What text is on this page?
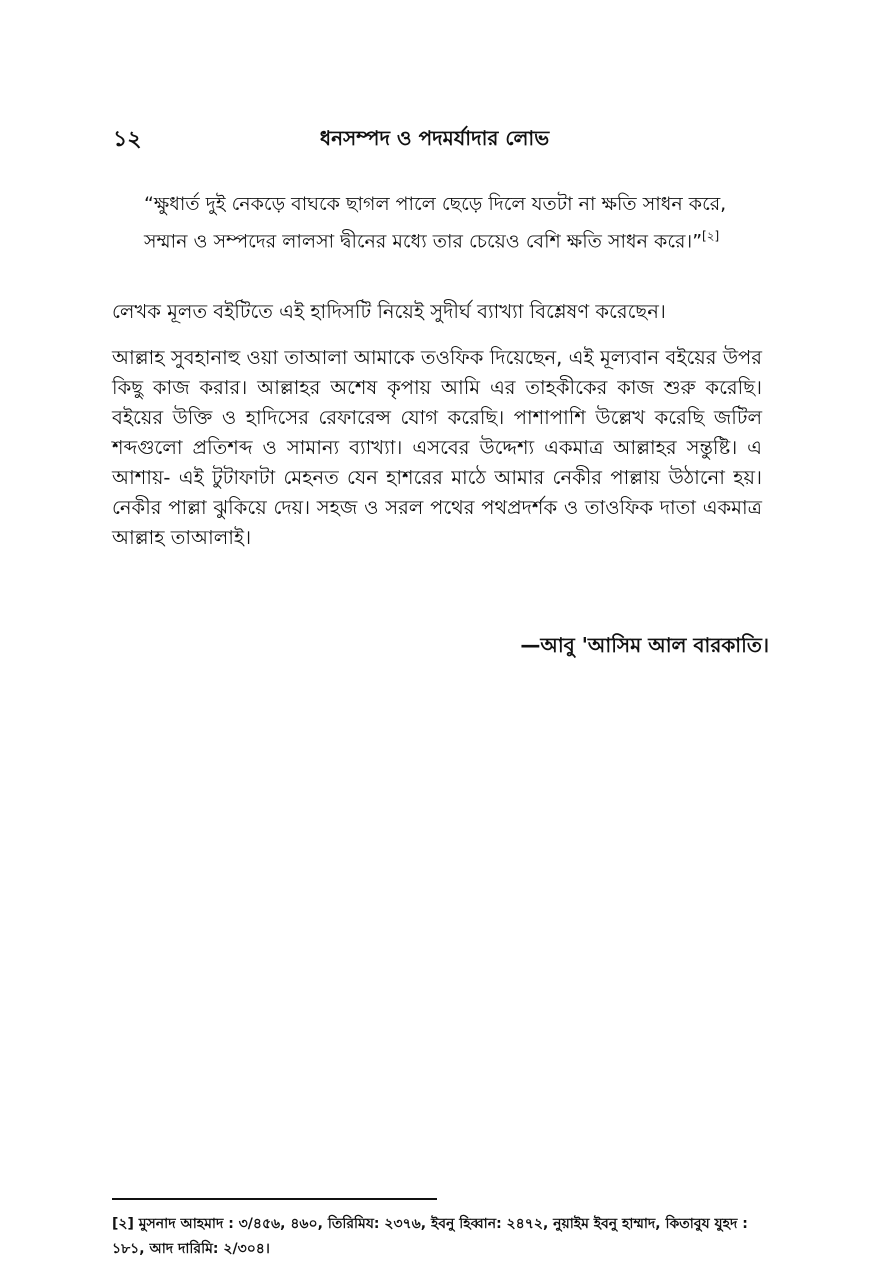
১২	ধনসম্পদ ও পদমর্যাদার লোভ
“ক্ষুধার্ত দুই নেকড়ে বাঘকে ছাগল পালে ছেড়ে দিলে যতটা না ক্ষতি সাধন করে, সম্মান ও সম্পদের লালসা দ্বীনের মধ্যে তার চেয়েও বেশি ক্ষতি সাধন করে।”[২]
লেখক মূলত বইটিতে এই হাদিসটি নিয়েই সুদীর্ঘ ব্যাখ্যা বিশ্লেষণ করেছেন।
আল্লাহ সুবহানাহু ওয়া তাআলা আমাকে তওফিক দিয়েছেন, এই মূল্যবান বইয়ের উপর কিছু কাজ করার। আল্লাহর অশেষ কৃপায় আমি এর তাহকীকের কাজ শুরু করেছি। বইয়ের উক্তি ও হাদিসের রেফারেন্স যোগ করেছি। পাশাপাশি উল্লেখ করেছি জটিল শব্দগুলো প্রতিশব্দ ও সামান্য ব্যাখ্যা। এসবের উদ্দেশ্য একমাত্র আল্লাহর সন্তুষ্টি। এ আশায়- এই টুটাফাটা মেহনত যেন হাশরের মাঠে আমার নেকীর পাল্লায় উঠানো হয়। নেকীর পাল্লা ঝুকিয়ে দেয়। সহজ ও সরল পথের পথপ্রদর্শক ও তাওফিক দাতা একমাত্র আল্লাহ তাআলাই।
—আবু 'আসিম আল বারকাতি।
[২] মুসনাদ আহমাদ : ৩/৪৫৬, ৪৬০, তিরিমিয: ২৩৭৬, ইবনু হিব্বান: ২৪৭২, নুয়াইম ইবনু হাম্মাদ, কিতাবুয যুহদ : ১৮১, আদ দারিমি: ২/৩০৪।
